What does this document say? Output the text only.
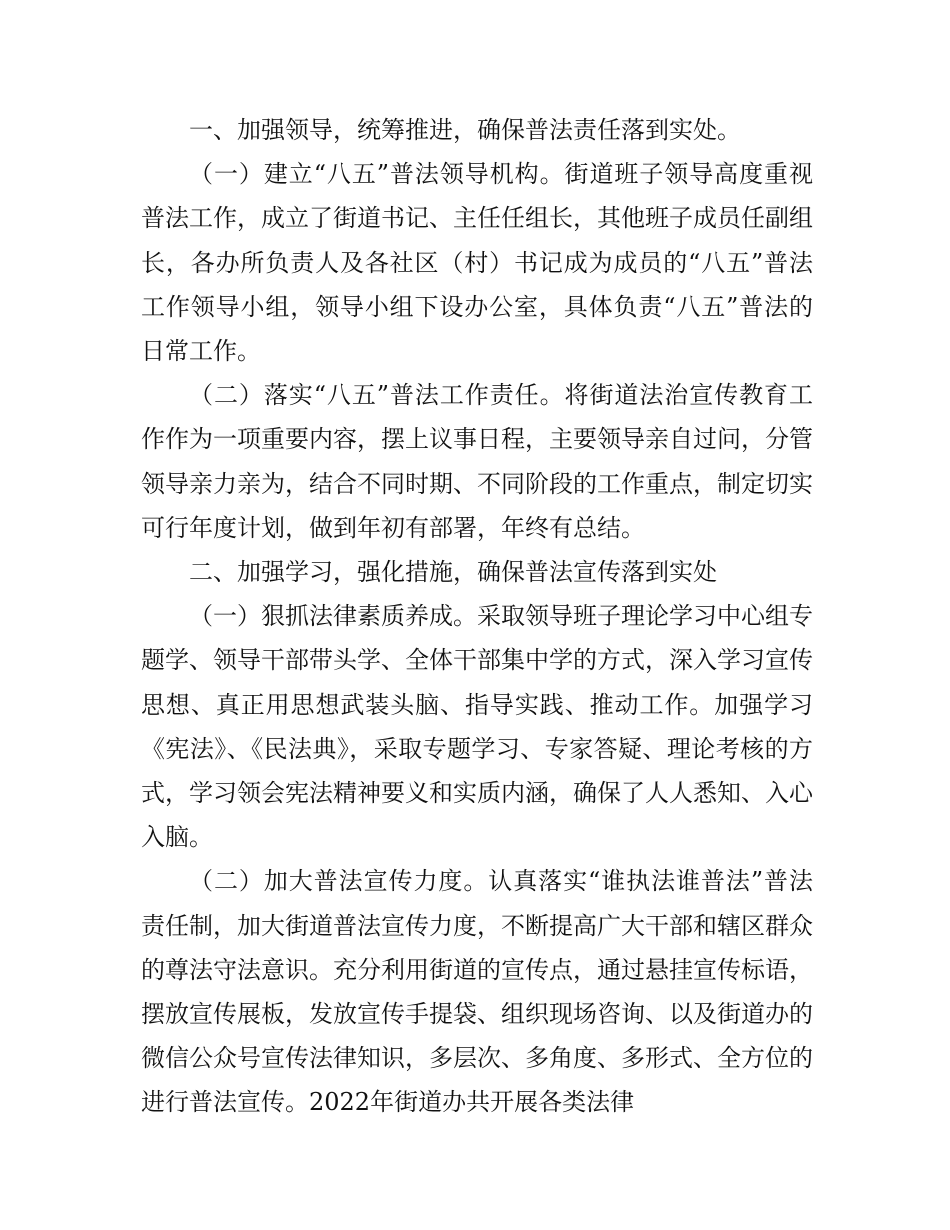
一、加强领导，统筹推进，确保普法责任落到实处。

（一）建立“八五”普法领导机构。街道班子领导高度重视普法工作，成立了街道书记、主任任组长，其他班子成员任副组长，各办所负责人及各社区（村）书记成为成员的“八五”普法工作领导小组，领导小组下设办公室，具体负责“八五”普法的日常工作。

（二）落实“八五”普法工作责任。将街道法治宣传教育工作作为一项重要内容，摆上议事日程，主要领导亲自过问，分管领导亲力亲为，结合不同时期、不同阶段的工作重点，制定切实可行年度计划，做到年初有部署，年终有总结。

二、加强学习，强化措施，确保普法宣传落到实处

（一）狠抓法律素质养成。采取领导班子理论学习中心组专题学、领导干部带头学、全体干部集中学的方式，深入学习宣传思想、真正用思想武装头脑、指导实践、推动工作。加强学习《宪法》、《民法典》，采取专题学习、专家答疑、理论考核的方式，学习领会宪法精神要义和实质内涵，确保了人人悉知、入心入脑。

（二）加大普法宣传力度。认真落实“谁执法谁普法”普法责任制，加大街道普法宣传力度，不断提高广大干部和辖区群众的尊法守法意识。充分利用街道的宣传点，通过悬挂宣传标语，摆放宣传展板，发放宣传手提袋、组织现场咨询、以及街道办的微信公众号宣传法律知识，多层次、多角度、多形式、全方位的进行普法宣传。2022年街道办共开展各类法律
